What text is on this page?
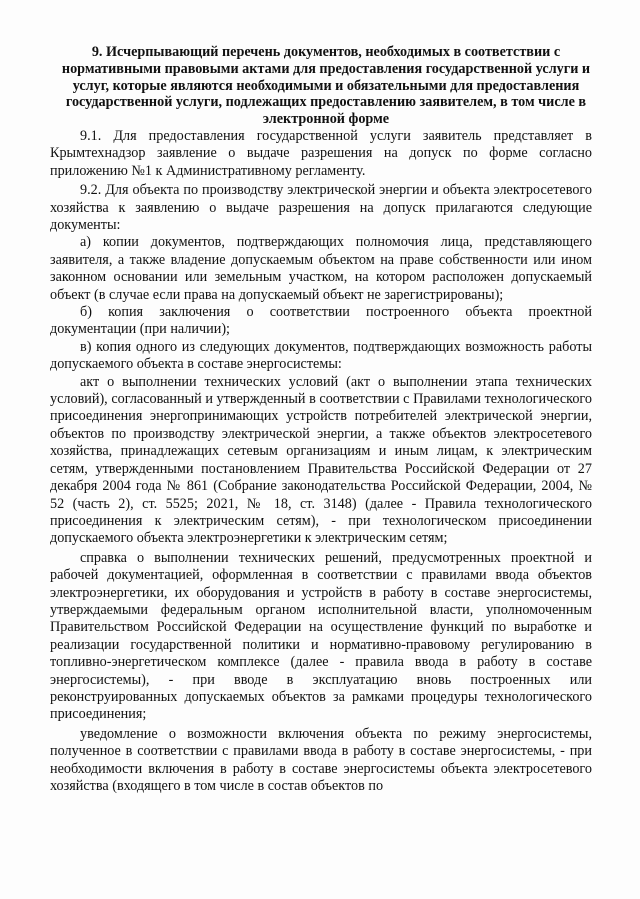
9. Исчерпывающий перечень документов, необходимых в соответствии с нормативными правовыми актами для предоставления государственной услуги и услуг, которые являются необходимыми и обязательными для предоставления государственной услуги, подлежащих предоставлению заявителем, в том числе в электронной форме

9.1. Для предоставления государственной услуги заявитель представляет в Крымтехнадзор заявление о выдаче разрешения на допуск по форме согласно приложению №1 к Административному регламенту.

9.2. Для объекта по производству электрической энергии и объекта электросетевого хозяйства к заявлению о выдаче разрешения на допуск прилагаются следующие документы:

а) копии документов, подтверждающих полномочия лица, представляющего заявителя, а также владение допускаемым объектом на праве собственности или ином законном основании или земельным участком, на котором расположен допускаемый объект (в случае если права на допускаемый объект не зарегистрированы);

б) копия заключения о соответствии построенного объекта проектной документации (при наличии);

в) копия одного из следующих документов, подтверждающих возможность работы допускаемого объекта в составе энергосистемы:

акт о выполнении технических условий (акт о выполнении этапа технических условий), согласованный и утвержденный в соответствии с Правилами технологического присоединения энергопринимающих устройств потребителей электрической энергии, объектов по производству электрической энергии, а также объектов электросетевого хозяйства, принадлежащих сетевым организациям и иным лицам, к электрическим сетям, утвержденными постановлением Правительства Российской Федерации от 27 декабря 2004 года № 861 (Собрание законодательства Российской Федерации, 2004, № 52 (часть 2), ст. 5525; 2021, № 18, ст. 3148) (далее - Правила технологического присоединения к электрическим сетям), - при технологическом присоединении допускаемого объекта электроэнергетики к электрическим сетям;

справка о выполнении технических решений, предусмотренных проектной и рабочей документацией, оформленная в соответствии с правилами ввода объектов электроэнергетики, их оборудования и устройств в работу в составе энергосистемы, утверждаемыми федеральным органом исполнительной власти, уполномоченным Правительством Российской Федерации на осуществление функций по выработке и реализации государственной политики и нормативно-правовому регулированию в топливно-энергетическом комплексе (далее - правила ввода в работу в составе энергосистемы), - при вводе в эксплуатацию вновь построенных или реконструированных допускаемых объектов за рамками процедуры технологического присоединения;

уведомление о возможности включения объекта по режиму энергосистемы, полученное в соответствии с правилами ввода в работу в составе энергосистемы, - при необходимости включения в работу в составе энергосистемы объекта электросетевого хозяйства (входящего в том числе в состав объектов по
